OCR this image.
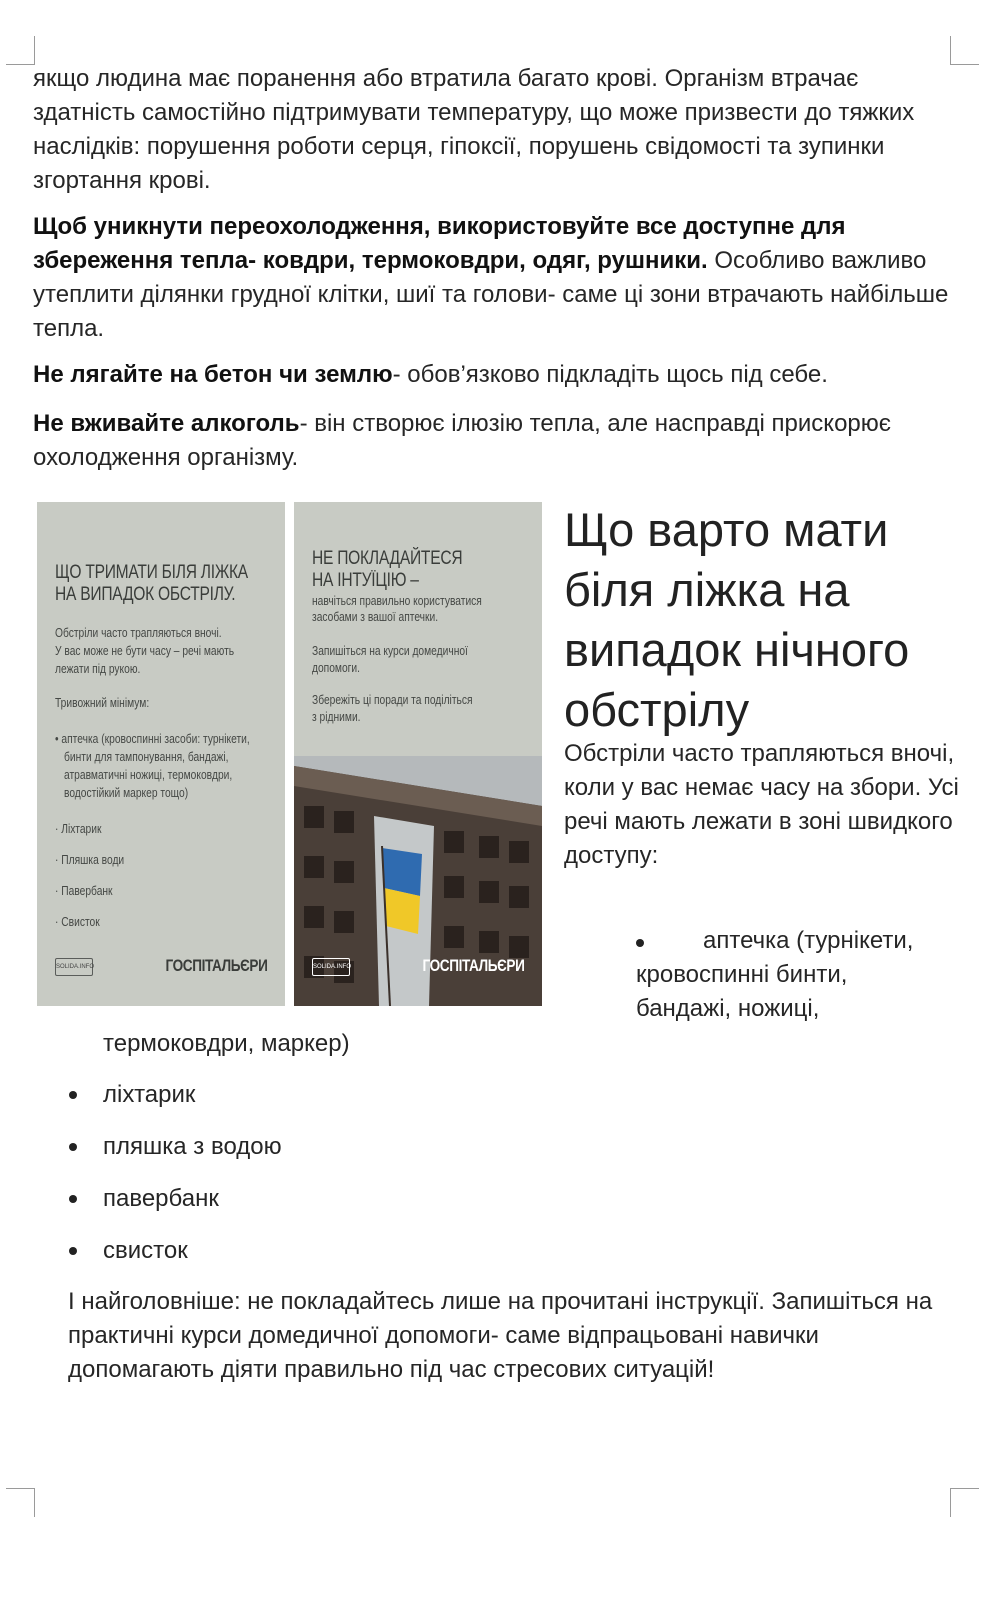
якщо людина має поранення або втратила багато крові. Організм втрачає здатність самостійно підтримувати температуру, що може призвести до тяжких наслідків: порушення роботи серця, гіпоксії, порушень свідомості та зупинки згортання крові.

Щоб уникнути переохолодження, використовуйте все доступне для збереження тепла- ковдри, термоковдри, одяг, рушники. Особливо важливо утеплити ділянки грудної клітки, шиї та голови- саме ці зони втрачають найбільше тепла.

Не лягайте на бетон чи землю- обов’язково підкладіть щось під себе.

Не вживайте алкоголь- він створює ілюзію тепла, але насправді прискорює охолодження організму.

ЩО ТРИМАТИ БІЛЯ ЛІЖКА
НА ВИПАДОК ОБСТРІЛУ.
Обстріли часто трапляються вночі.
У вас може не бути часу – речі мають
лежати під рукою.
Тривожний мінімум:
• аптечка (кровоспинні засоби: турнікети,
бинти для тампонування, бандажі,
атравматичні ножиці, термоковдри,
водостійкий маркер тощо)
· Ліхтарик
· Пляшка води
· Павербанк
· Свисток
SOLIDA.INFO	ГОСПІТАЛЬЄРИ
НЕ ПОКЛАДАЙТЕСЯ
НА ІНТУЇЦІЮ –
навчіться правильно користуватися
засобами з вашої аптечки.
Запишіться на курси домедичної
допомоги.
Збережіть ці поради та поділіться
з рідними.
SOLIDA.INFO	ГОСПІТАЛЬЄРИ
Що варто мати
біля ліжка на
випадок нічного
обстрілу

Обстріли часто трапляються вночі, коли у вас немає часу на збори. Усі речі мають лежати в зоні швидкого доступу:

аптечка (турнікети,
кровоспинні бинти,
бандажі, ножиці,
термоковдри, маркер)
ліхтарик
пляшка з водою
павербанк
свисток

І найголовніше: не покладайтесь лише на прочитані інструкції. Запишіться на практичні курси домедичної допомоги- саме відпрацьовані навички допомагають діяти правильно під час стресових ситуацій!
